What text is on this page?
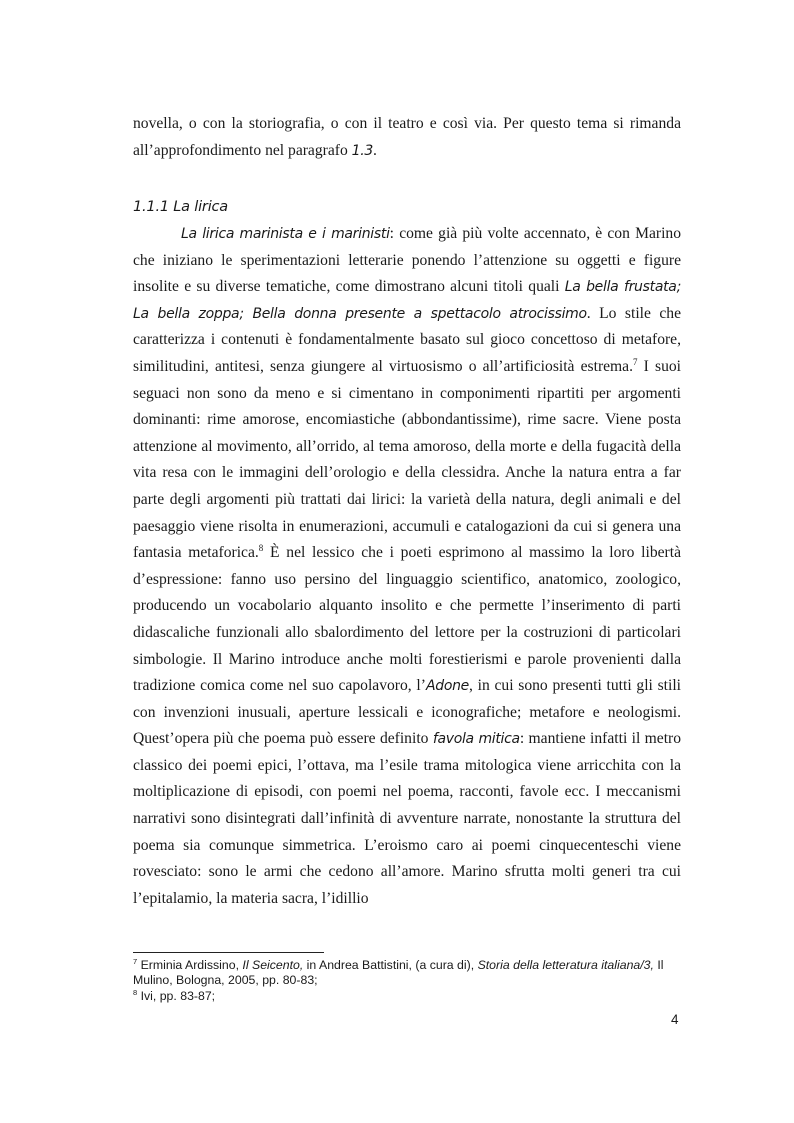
novella, o con la storiografia, o con il teatro e così via. Per questo tema si rimanda
all’approfondimento nel paragrafo 1.3.
1.1.1 La lirica
La lirica marinista e i marinisti: come già più volte accennato, è con Marino che iniziano le sperimentazioni letterarie ponendo l’attenzione su oggetti e figure insolite e su diverse tematiche, come dimostrano alcuni titoli quali La bella frustata; La bella zoppa; Bella donna presente a spettacolo atrocissimo. Lo stile che caratterizza i contenuti è fondamentalmente basato sul gioco concettoso di metafore, similitudini, antitesi, senza giungere al virtuosismo o all’artificiosità estrema.$^7$ I suoi seguaci non sono da meno e si cimentano in componimenti ripartiti per argomenti dominanti: rime amorose, encomiastiche (abbondantissime), rime sacre. Viene posta attenzione al movimento, all’orrido, al tema amoroso, della morte e della fugacità della vita resa con le immagini dell’orologio e della clessidra. Anche la natura entra a far parte degli argomenti più trattati dai lirici: la varietà della natura, degli animali e del paesaggio viene risolta in enumerazioni, accumuli e catalogazioni da cui si genera una fantasia metaforica.$^8$ È nel lessico che i poeti esprimono al massimo la loro libertà d’espressione: fanno uso persino del linguaggio scientifico, anatomico, zoologico, producendo un vocabolario alquanto insolito e che permette l’inserimento di parti didascaliche funzionali allo sbalordimento del lettore per la costruzioni di particolari simbologie. Il Marino introduce anche molti forestierismi e parole provenienti dalla tradizione comica come nel suo capolavoro, l’Adone, in cui sono presenti tutti gli stili con invenzioni inusuali, aperture lessicali e iconografiche; metafore e neologismi. Quest’opera più che poema può essere definito favola mitica: mantiene infatti il metro classico dei poemi epici, l’ottava, ma l’esile trama mitologica viene arricchita con la moltiplicazione di episodi, con poemi nel poema, racconti, favole ecc. I meccanismi narrativi sono disintegrati dall’infinità di avventure narrate, nonostante la struttura del poema sia comunque simmetrica. L’eroismo caro ai poemi cinquecenteschi viene rovesciato: sono le armi che cedono all’amore. Marino sfrutta molti generi tra cui l’epitalamio, la materia sacra, l’idillio

$^7$ Erminia Ardissino, Il Seicento, in Andrea Battistini, (a cura di), Storia della letteratura italiana/3, Il Mulino, Bologna, 2005, pp. 80-83;

$^8$ Ivi, pp. 83-87;

4
